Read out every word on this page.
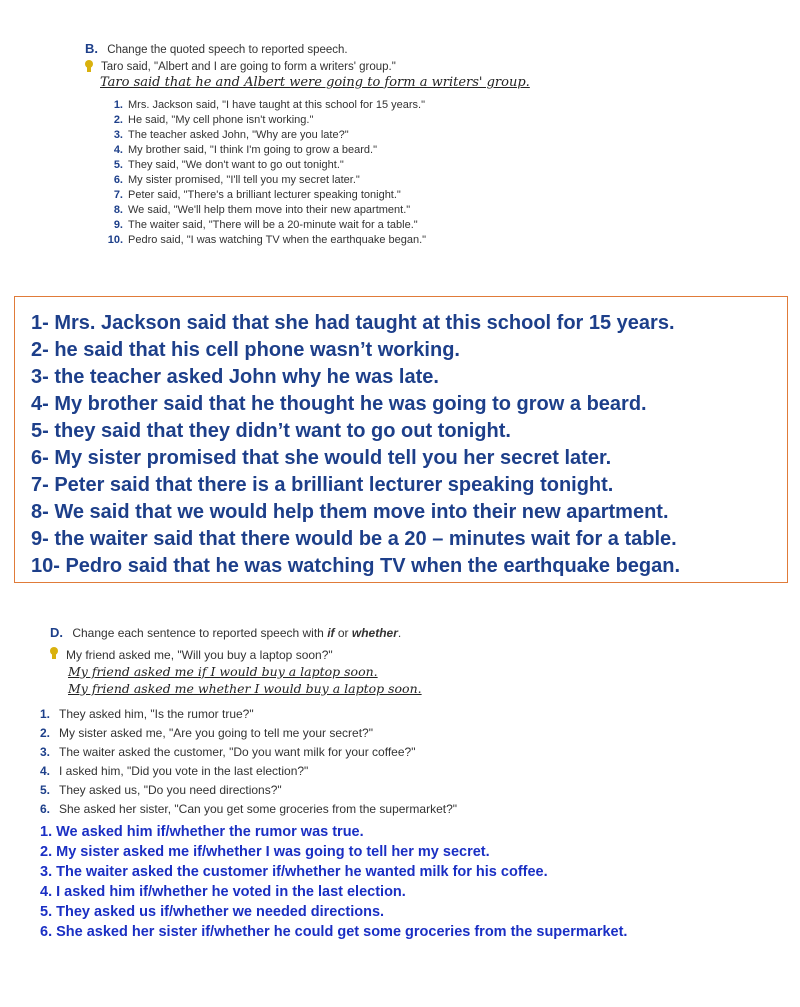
B. Change the quoted speech to reported speech.
Taro said, "Albert and I are going to form a writers' group."
Taro said that he and Albert were going to form a writers' group.
1. Mrs. Jackson said, "I have taught at this school for 15 years."
2. He said, "My cell phone isn't working."
3. The teacher asked John, "Why are you late?"
4. My brother said, "I think I'm going to grow a beard."
5. They said, "We don't want to go out tonight."
6. My sister promised, "I'll tell you my secret later."
7. Peter said, "There's a brilliant lecturer speaking tonight."
8. We said, "We'll help them move into their new apartment."
9. The waiter said, "There will be a 20-minute wait for a table."
10. Pedro said, "I was watching TV when the earthquake began."
1- Mrs. Jackson said that she had taught at this school for 15 years.
2- he said that his cell phone wasn’t working.
3- the teacher asked John why he was late.
4- My brother said that he thought he was going to grow a beard.
5- they said that they didn’t want to go out tonight.
6- My sister promised that she would tell you her secret later.
7- Peter said that there is a brilliant lecturer speaking tonight.
8- We said that we would help them move into their new apartment.
9- the waiter said that there would be a 20 – minutes wait for a table.
10- Pedro said that he was watching TV when the earthquake began.
D. Change each sentence to reported speech with if or whether.
My friend asked me, "Will you buy a laptop soon?"
My friend asked me if I would buy a laptop soon.
My friend asked me whether I would buy a laptop soon.
1. They asked him, "Is the rumor true?"
2. My sister asked me, "Are you going to tell me your secret?"
3. The waiter asked the customer, "Do you want milk for your coffee?"
4. I asked him, "Did you vote in the last election?"
5. They asked us, "Do you need directions?"
6. She asked her sister, "Can you get some groceries from the supermarket?"
1. We asked him if/whether the rumor was true.
2. My sister asked me if/whether I was going to tell her my secret.
3. The waiter asked the customer if/whether he wanted milk for his coffee.
4. I asked him if/whether he voted in the last election.
5. They asked us if/whether we needed directions.
6. She asked her sister if/whether he could get some groceries from the supermarket.
